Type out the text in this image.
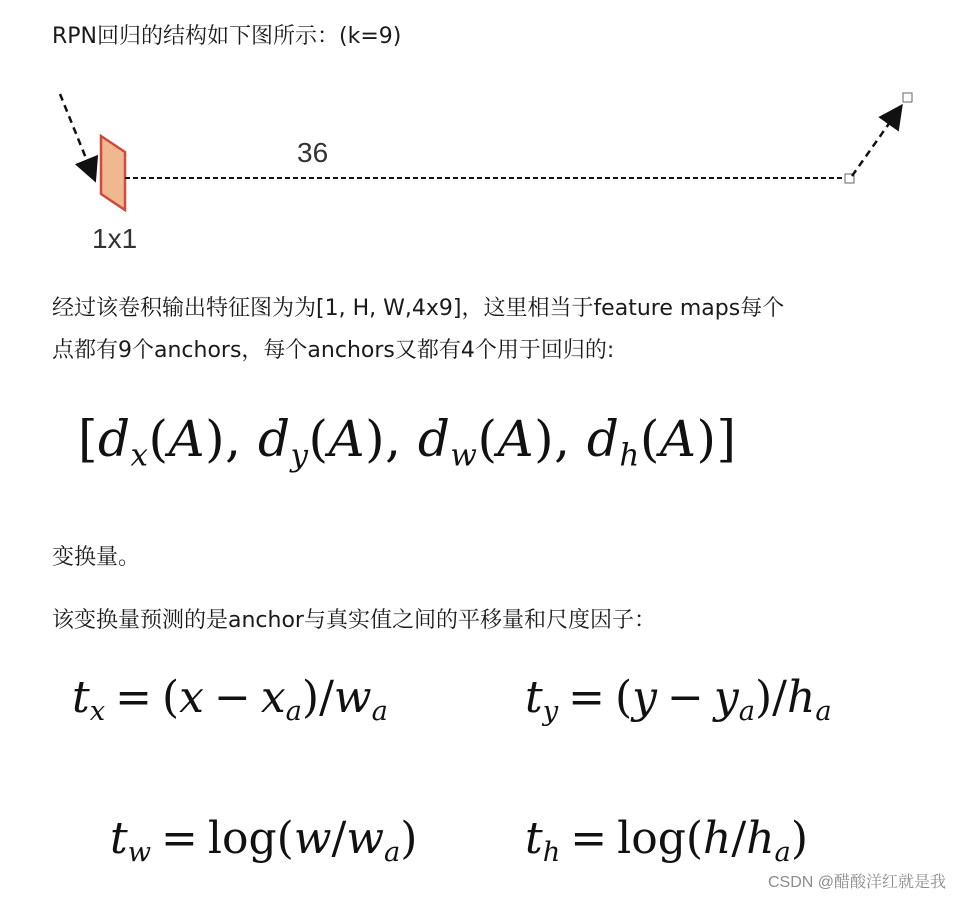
RPN回归的结构如下图所示：(k=9)

36
1x1

经过该卷积输出特征图为为[1, H, W,4x9]，这里相当于feature maps每个

点都有9个anchors，每个anchors又都有4个用于回归的:

[$d_x(A)$, $d_y(A)$, $d_w(A)$, $d_h(A)$]

变换量。

该变换量预测的是anchor与真实值之间的平移量和尺度因子：

$t_x = (x - x_a)/w_a$	$t_y = (y - y_a)/h_a$
$t_w = \log(w/w_a) t_h = \log(h/h_a)$
CSDN @醋酸洋红就是我
